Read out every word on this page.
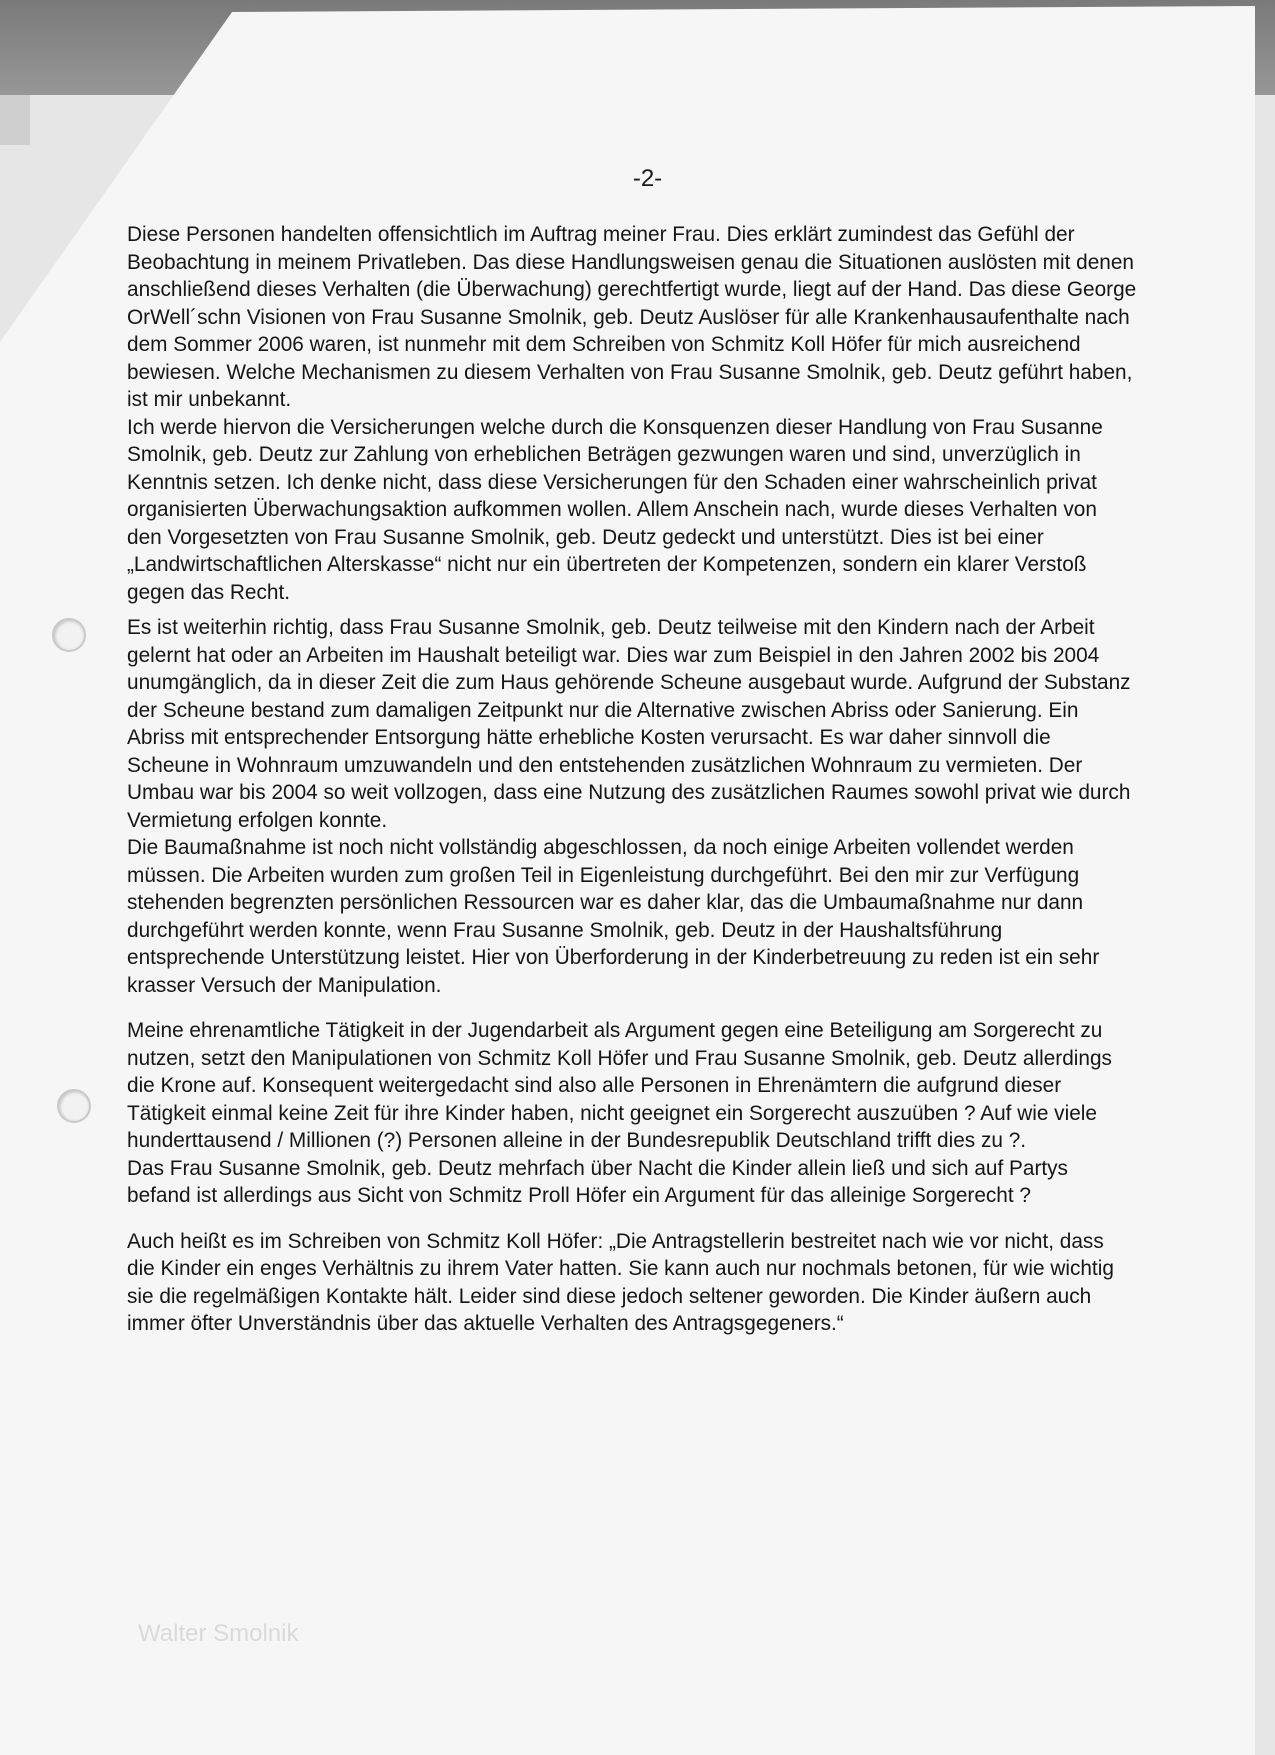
-2-

Diese Personen handelten offensichtlich im Auftrag meiner Frau. Dies erklärt zumindest das Gefühl der Beobachtung in meinem Privatleben. Das diese Handlungsweisen genau die Situationen auslösten mit denen anschließend dieses Verhalten (die Überwachung) gerechtfertigt wurde, liegt auf der Hand. Das diese George OrWell´schn Visionen von Frau Susanne Smolnik, geb. Deutz Auslöser für alle Krankenhausaufenthalte nach dem Sommer 2006 waren, ist nunmehr mit dem Schreiben von Schmitz Koll Höfer für mich ausreichend bewiesen. Welche Mechanismen zu diesem Verhalten von Frau Susanne Smolnik, geb. Deutz geführt haben, ist mir unbekannt.

Ich werde hiervon die Versicherungen welche durch die Konsquenzen dieser Handlung von Frau Susanne Smolnik, geb. Deutz zur Zahlung von erheblichen Beträgen gezwungen waren und sind, unverzüglich in Kenntnis setzen. Ich denke nicht, dass diese Versicherungen für den Schaden einer wahrscheinlich privat organisierten Überwachungsaktion aufkommen wollen. Allem Anschein nach, wurde dieses Verhalten von den Vorgesetzten von Frau Susanne Smolnik, geb. Deutz gedeckt und unterstützt. Dies ist bei einer „Landwirtschaftlichen Alterskasse“ nicht nur ein übertreten der Kompetenzen, sondern ein klarer Verstoß gegen das Recht.

Es ist weiterhin richtig, dass Frau Susanne Smolnik, geb. Deutz teilweise mit den Kindern nach der Arbeit gelernt hat oder an Arbeiten im Haushalt beteiligt war. Dies war zum Beispiel in den Jahren 2002 bis 2004 unumgänglich, da in dieser Zeit die zum Haus gehörende Scheune ausgebaut wurde. Aufgrund der Substanz der Scheune bestand zum damaligen Zeitpunkt nur die Alternative zwischen Abriss oder Sanierung. Ein Abriss mit entsprechender Entsorgung hätte erhebliche Kosten verursacht. Es war daher sinnvoll die Scheune in Wohnraum umzuwandeln und den entstehenden zusätzlichen Wohnraum zu vermieten. Der Umbau war bis 2004 so weit vollzogen, dass eine Nutzung des zusätzlichen Raumes sowohl privat wie durch Vermietung erfolgen konnte.

Die Baumaßnahme ist noch nicht vollständig abgeschlossen, da noch einige Arbeiten vollendet werden müssen. Die Arbeiten wurden zum großen Teil in Eigenleistung durchgeführt. Bei den mir zur Verfügung stehenden begrenzten persönlichen Ressourcen war es daher klar, das die Umbaumaßnahme nur dann durchgeführt werden konnte, wenn Frau Susanne Smolnik, geb. Deutz in der Haushaltsführung entsprechende Unterstützung leistet. Hier von Überforderung in der Kinderbetreuung zu reden ist ein sehr krasser Versuch der Manipulation.

Meine ehrenamtliche Tätigkeit in der Jugendarbeit als Argument gegen eine Beteiligung am Sorgerecht zu nutzen, setzt den Manipulationen von Schmitz Koll Höfer und Frau Susanne Smolnik, geb. Deutz allerdings die Krone auf. Konsequent weitergedacht sind also alle Personen in Ehrenämtern die aufgrund dieser Tätigkeit einmal keine Zeit für ihre Kinder haben, nicht geeignet ein Sorgerecht auszuüben ? Auf wie viele hunderttausend / Millionen (?) Personen alleine in der Bundesrepublik Deutschland trifft dies zu ?.

Das Frau Susanne Smolnik, geb. Deutz mehrfach über Nacht die Kinder allein ließ und sich auf Partys befand ist allerdings aus Sicht von Schmitz Proll Höfer ein Argument für das alleinige Sorgerecht ?

Auch heißt es im Schreiben von Schmitz Koll Höfer: „Die Antragstellerin bestreitet nach wie vor nicht, dass die Kinder ein enges Verhältnis zu ihrem Vater hatten. Sie kann auch nur nochmals betonen, für wie wichtig sie die regelmäßigen Kontakte hält. Leider sind diese jedoch seltener geworden. Die Kinder äußern auch immer öfter Unverständnis über das aktuelle Verhalten des Antragsgegeners.“

Walter Smolnik
